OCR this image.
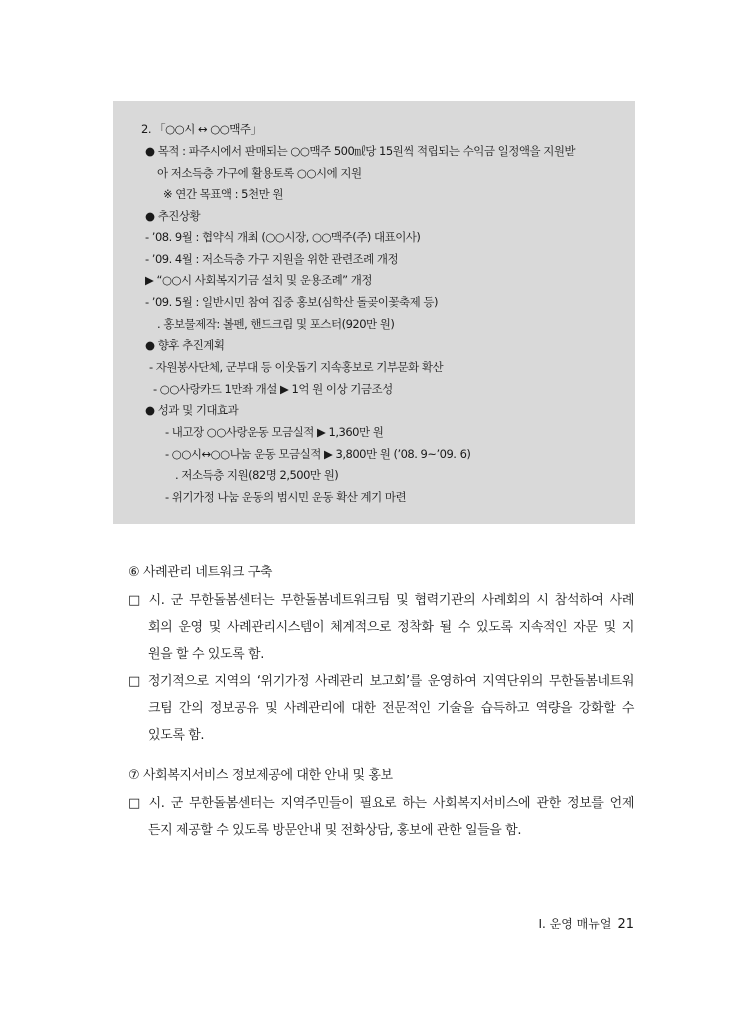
2. 「○○시 ↔ ○○맥주」
● 목적 : 파주시에서 판매되는 ○○맥주 500㎖당 15원씩 적립되는 수익금 일정액을 지원받
아 저소득층 가구에 활용토록 ○○시에 지원
※ 연간 목표액 : 5천만 원
● 추진상황
- ’08. 9월 : 협약식 개최 (○○시장, ○○맥주(주) 대표이사)
- ’09. 4월 : 저소득층 가구 지원을 위한 관련조례 개정
▶ “○○시 사회복지기금 설치 및 운용조례” 개정
- ’09. 5월 : 일반시민 참여 집중 홍보(심학산 돌곶이꽃축제 등)
. 홍보물제작: 볼펜, 핸드크림 및 포스터(920만 원)
● 향후 추진계획
- 자원봉사단체, 군부대 등 이웃돕기 지속홍보로 기부문화 확산
- ○○사랑카드 1만좌 개설 ▶ 1억 원 이상 기금조성
● 성과 및 기대효과
- 내고장 ○○사랑운동 모금실적 ▶ 1,360만 원
- ○○시↔○○나눔 운동 모금실적 ▶ 3,800만 원 (’08. 9~’09. 6)
. 저소득층 지원(82명 2,500만 원)
- 위기가정 나눔 운동의 범시민 운동 확산 계기 마련
⑥ 사례관리 네트워크 구축
□ 시. 군 무한돌봄센터는 무한돌봄네트워크팀 및 협력기관의 사례회의 시 참석하여 사례
회의 운영 및 사례관리시스템이 체계적으로 정착화 될 수 있도록 지속적인 자문 및 지
원을 할 수 있도록 함.
□ 정기적으로 지역의 ‘위기가정 사례관리 보고회’를 운영하여 지역단위의 무한돌봄네트워
크팀 간의 정보공유 및 사례관리에 대한 전문적인 기술을 습득하고 역량을 강화할 수
있도록 함.
⑦ 사회복지서비스 정보제공에 대한 안내 및 홍보
□ 시. 군 무한돌봄센터는 지역주민들이 필요로 하는 사회복지서비스에 관한 정보를 언제
든지 제공할 수 있도록 방문안내 및 전화상담, 홍보에 관한 일들을 함.
Ⅰ. 운영 매뉴얼 21
